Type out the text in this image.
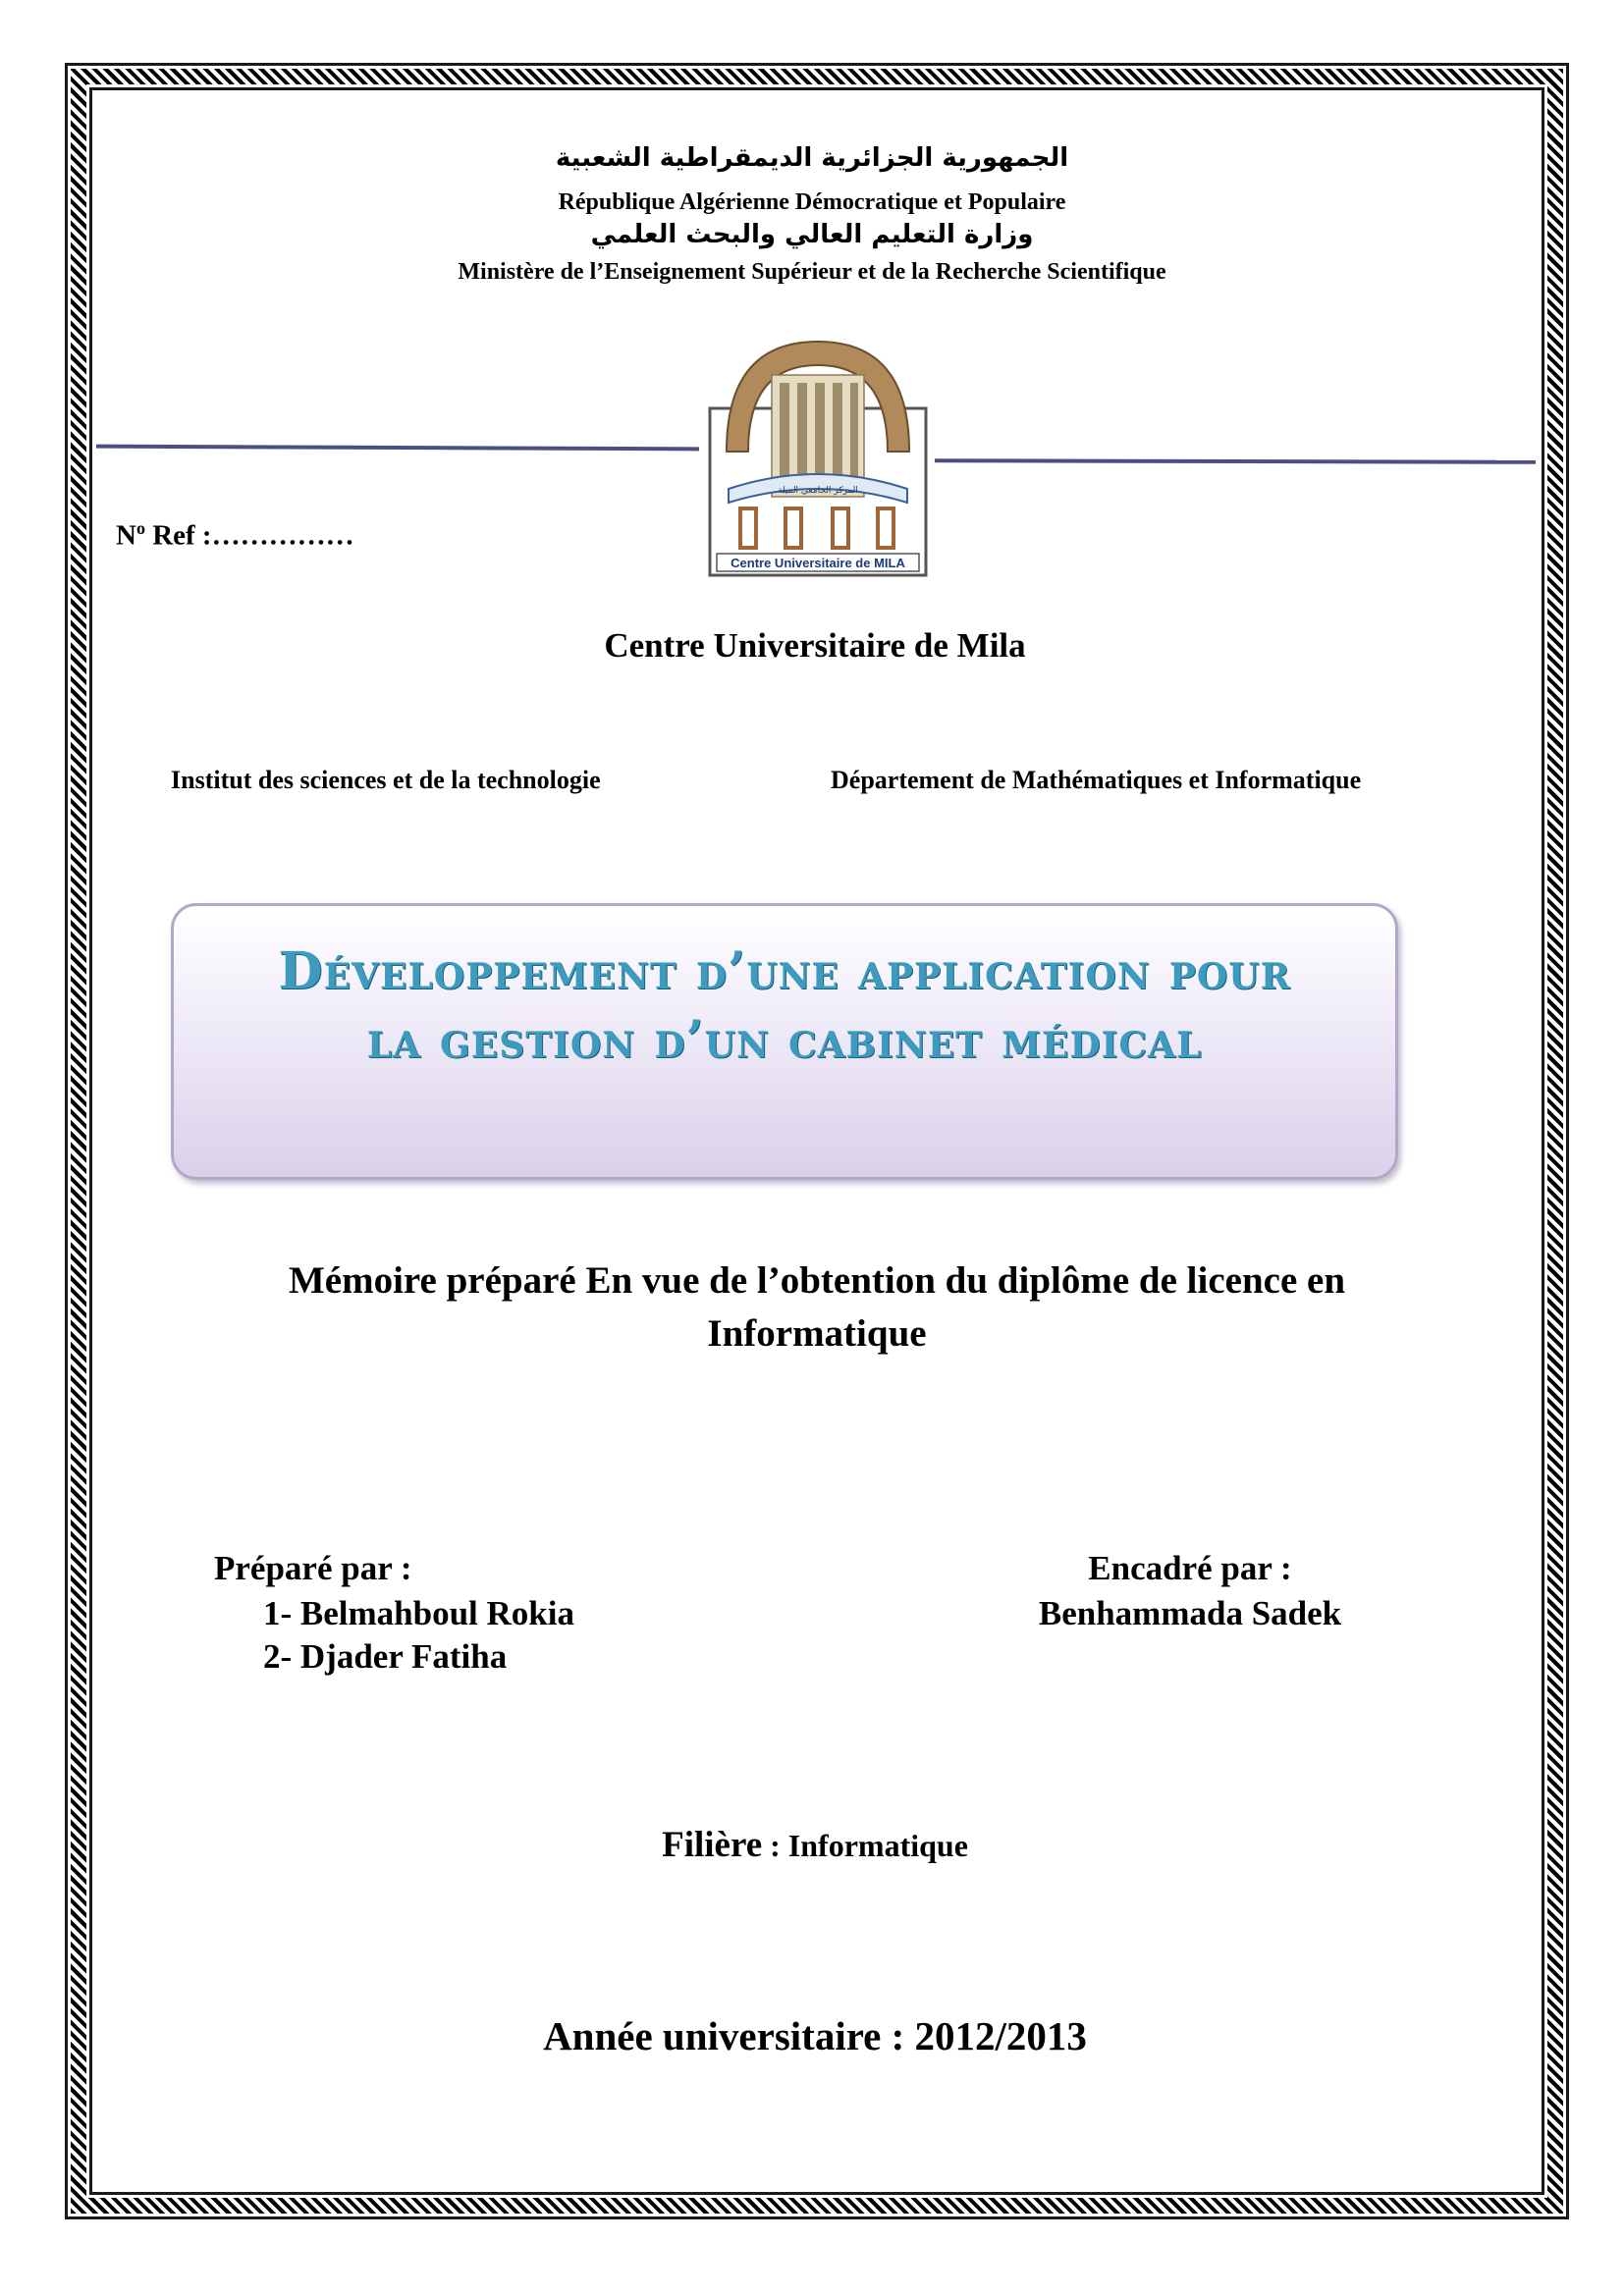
الجمهورية الجزائرية الديمقراطية الشعبية
République Algérienne Démocratique et Populaire
وزارة التعليم العالي والبحث العلمي
Ministère de l’Enseignement Supérieur et de la Recherche Scientifique
المركز الجامعي الميلة
Centre Universitaire de MILA
$N^o$ Ref :……………
Centre Universitaire de Mila
Institut des sciences et de la technologie	Département de Mathématiques et Informatique
Développement d’une application pour
la gestion d’un cabinet médical
Mémoire préparé En vue de l’obtention du diplôme de licence en
Informatique
Préparé par :
1- Belmahboul Rokia
2- Djader Fatiha
Encadré par :
Benhammada Sadek
Filière : Informatique
Année universitaire : 2012/2013
